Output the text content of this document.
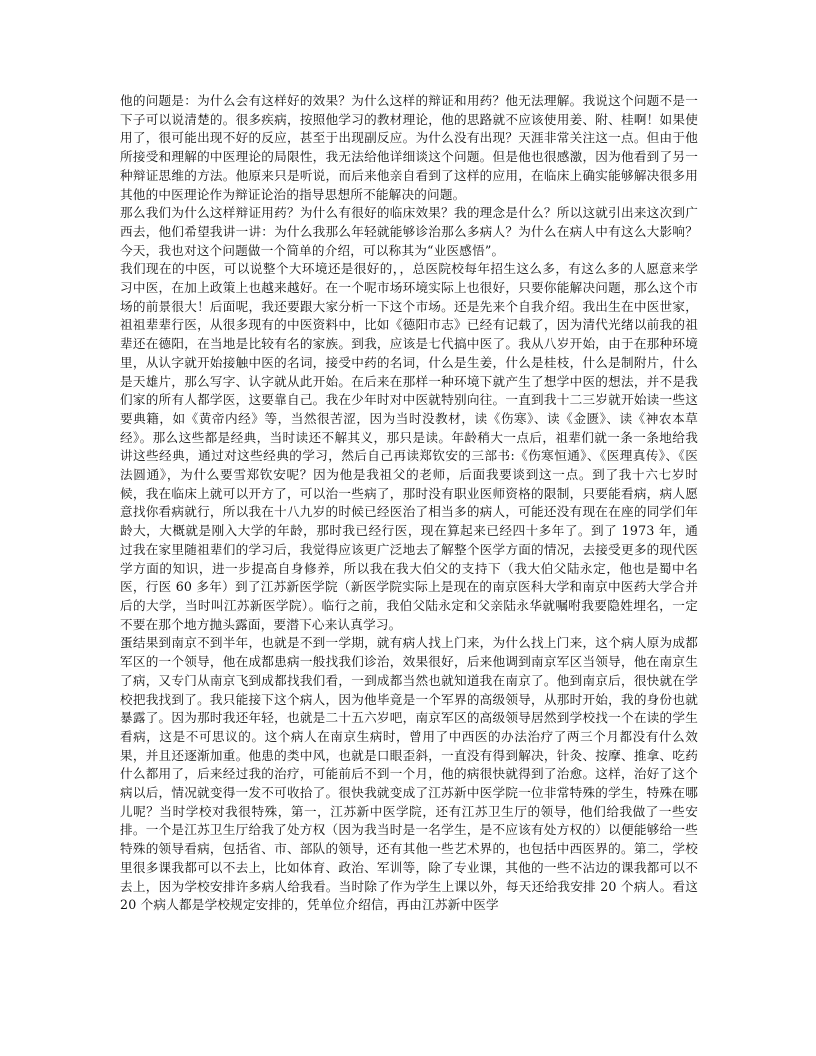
他的问题是：为什么会有这样好的效果？为什么这样的辩证和用药？他无法理解。我说这个问题不是一下子可以说清楚的。很多疾病，按照他学习的教材理论，他的思路就不应该使用姜、附、桂啊！如果使用了，很可能出现不好的反应，甚至于出现副反应。为什么没有出现？天涯非常关注这一点。但由于他所接受和理解的中医理论的局限性，我无法给他详细谈这个问题。但是他也很感激，因为他看到了另一种辩证思维的方法。他原来只是听说，而后来他亲自看到了这样的应用，在临床上确实能够解决很多用其他的中医理论作为辩证论治的指导思想所不能解决的问题。

那么我们为什么这样辩证用药？为什么有很好的临床效果？我的理念是什么？所以这就引出来这次到广西去，他们希望我讲一讲：为什么我那么年轻就能够诊治那么多病人？为什么在病人中有这么大影响？今天，我也对这个问题做一个简单的介绍，可以称其为“业医感悟”。

我们现在的中医，可以说整个大环境还是很好的，，总医院校每年招生这么多，有这么多的人愿意来学习中医，在加上政策上也越来越好。在一个呢市场环境实际上也很好，只要你能解决问题，那么这个市场的前景很大！后面呢，我还要跟大家分析一下这个市场。还是先来个自我介绍。我出生在中医世家，祖祖辈辈行医，从很多现有的中医资料中，比如《德阳市志》已经有记载了，因为清代光绪以前我的祖辈还在德阳，在当地是比较有名的家族。到我，应该是七代搞中医了。我从八岁开始，由于在那种环境里，从认字就开始接触中医的名词，接受中药的名词，什么是生姜，什么是桂枝，什么是制附片，什么是天雄片，那么写字、认字就从此开始。在后来在那样一种环境下就产生了想学中医的想法，并不是我们家的所有人都学医，这要靠自己。我在少年时对中医就特别向往。一直到我十二三岁就开始读一些这要典籍，如《黄帝内经》等，当然很苦涩，因为当时没教材，读《伤寒》、读《金匮》、读《神农本草经》。那么这些都是经典，当时读还不解其义，那只是读。年龄稍大一点后，祖辈们就一条一条地给我讲这些经典，通过对这些经典的学习，然后自己再读郑钦安的三部书:《伤寒恒通》、《医理真传》、《医法圆通》，为什么要雪郑钦安呢？因为他是我祖父的老师，后面我要谈到这一点。到了我十六七岁时候，我在临床上就可以开方了，可以治一些病了，那时没有职业医师资格的限制，只要能看病，病人愿意找你看病就行，所以我在十八九岁的时候已经医治了相当多的病人，可能还没有现在在座的同学们年龄大，大概就是刚入大学的年龄，那时我已经行医，现在算起来已经四十多年了。到了 1973 年，通过我在家里随祖辈们的学习后，我觉得应该更广泛地去了解整个医学方面的情况，去接受更多的现代医学方面的知识，进一步提高自身修养，所以我在我大伯父的支持下（我大伯父陆永定，他也是蜀中名医，行医 60 多年）到了江苏新医学院（新医学院实际上是现在的南京医科大学和南京中医药大学合并后的大学，当时叫江苏新医学院）。临行之前，我伯父陆永定和父亲陆永华就嘱咐我要隐姓埋名，一定不要在那个地方抛头露面，要潜下心来认真学习。

蛋结果到南京不到半年，也就是不到一学期，就有病人找上门来，为什么找上门来，这个病人原为成都军区的一个领导，他在成都患病一般找我们诊治，效果很好，后来他调到南京军区当领导，他在南京生了病，又专门从南京飞到成都找我们看，一到成都当然也就知道我在南京了。他到南京后，很快就在学校把我找到了。我只能接下这个病人，因为他毕竟是一个军界的高级领导，从那时开始，我的身份也就暴露了。因为那时我还年轻，也就是二十五六岁吧，南京军区的高级领导居然到学校找一个在读的学生看病，这是不可思议的。这个病人在南京生病时，曾用了中西医的办法治疗了两三个月都没有什么效果，并且还逐渐加重。他患的类中风，也就是口眼歪斜，一直没有得到解决，针灸、按摩、推拿、吃药什么都用了，后来经过我的治疗，可能前后不到一个月，他的病很快就得到了治愈。这样，治好了这个病以后，情况就变得一发不可收拾了。很快我就变成了江苏新中医学院一位非常特殊的学生，特殊在哪儿呢？当时学校对我很特殊，第一，江苏新中医学院，还有江苏卫生厅的领导，他们给我做了一些安排。一个是江苏卫生厅给我了处方权（因为我当时是一名学生，是不应该有处方权的）以便能够给一些特殊的领导看病，包括省、市、部队的领导，还有其他一些艺术界的，也包括中西医界的。第二，学校里很多课我都可以不去上，比如体育、政治、军训等，除了专业课，其他的一些不沾边的课我都可以不去上，因为学校安排许多病人给我看。当时除了作为学生上课以外，每天还给我安排 20 个病人。看这 20 个病人都是学校规定安排的，凭单位介绍信，再由江苏新中医学
